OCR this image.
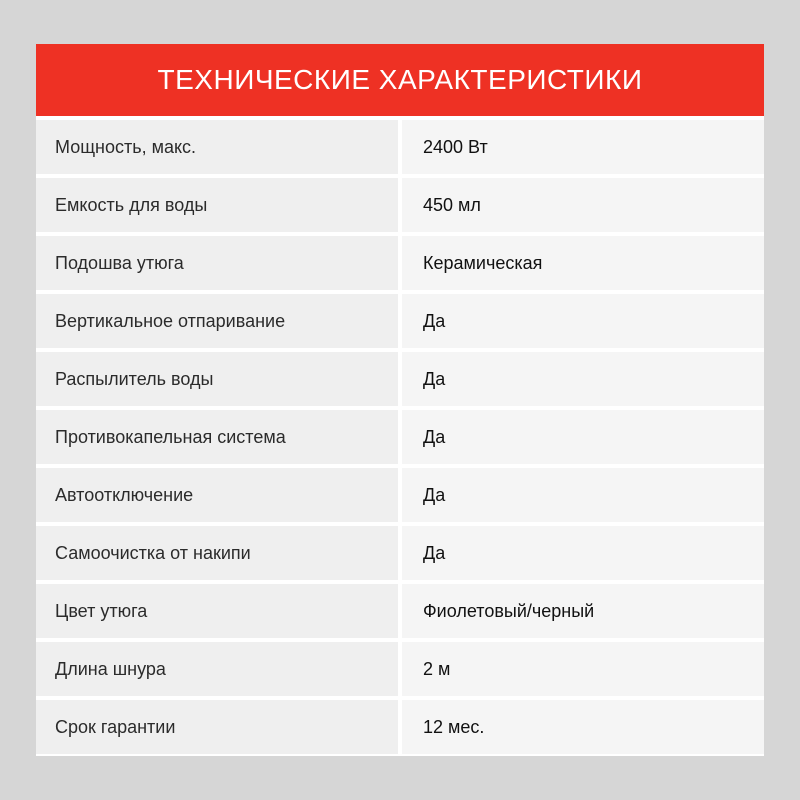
ТЕХНИЧЕСКИЕ ХАРАКТЕРИСТИКИ
Мощность, макс.	2400 Вт
Емкость для воды	450 мл
Подошва утюга	Керамическая
Вертикальное отпаривание	Да
Распылитель воды	Да
Противокапельная система	Да
Автоотключение	Да
Самоочистка от накипи	Да
Цвет утюга	Фиолетовый/черный
Длина шнура	2 м
Срок гарантии	12 мес.
